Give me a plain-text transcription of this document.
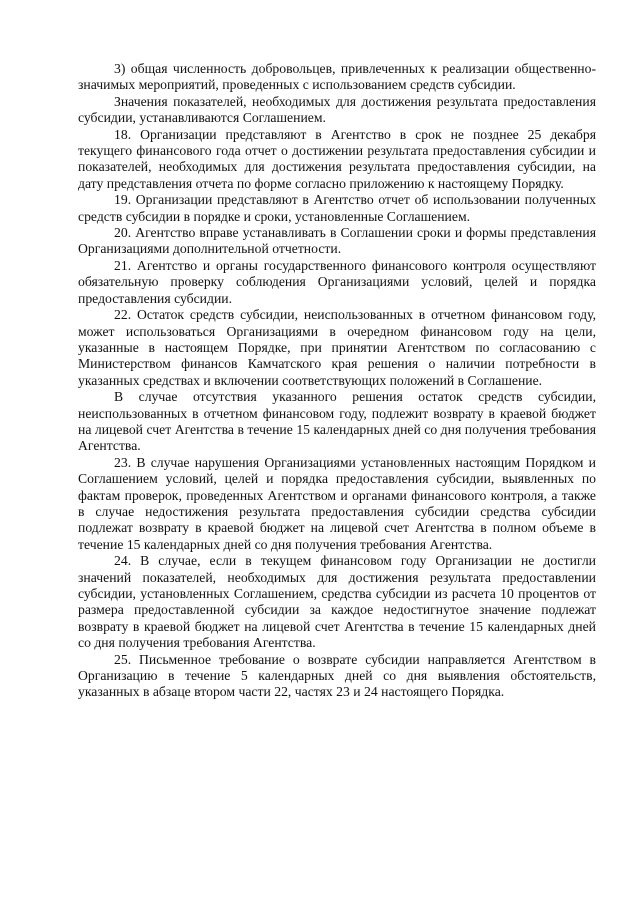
3) общая численность добровольцев, привлеченных к реализации общественно-значимых мероприятий, проведенных с использованием средств субсидии.

Значения показателей, необходимых для достижения результата предоставления субсидии, устанавливаются Соглашением.

18. Организации представляют в Агентство в срок не позднее 25 декабря текущего финансового года отчет о достижении результата предоставления субсидии и показателей, необходимых для достижения результата предоставления субсидии, на дату представления отчета по форме согласно приложению к настоящему Порядку.

19. Организации представляют в Агентство отчет об использовании полученных средств субсидии в порядке и сроки, установленные Соглашением.

20. Агентство вправе устанавливать в Соглашении сроки и формы представления Организациями дополнительной отчетности.

21. Агентство и органы государственного финансового контроля осуществляют обязательную проверку соблюдения Организациями условий, целей и порядка предоставления субсидии.

22. Остаток средств субсидии, неиспользованных в отчетном финансовом году, может использоваться Организациями в очередном финансовом году на цели, указанные в настоящем Порядке, при принятии Агентством по согласованию с Министерством финансов Камчатского края решения о наличии потребности в указанных средствах и включении соответствующих положений в Соглашение.

В случае отсутствия указанного решения остаток средств субсидии, неиспользованных в отчетном финансовом году, подлежит возврату в краевой бюджет на лицевой счет Агентства в течение 15 календарных дней со дня получения требования Агентства.

23. В случае нарушения Организациями установленных настоящим Порядком и Соглашением условий, целей и порядка предоставления субсидии, выявленных по фактам проверок, проведенных Агентством и органами финансового контроля, а также в случае недостижения результата предоставления субсидии средства субсидии подлежат возврату в краевой бюджет на лицевой счет Агентства в полном объеме в течение 15 календарных дней со дня получения требования Агентства.

24. В случае, если в текущем финансовом году Организации не достигли значений показателей, необходимых для достижения результата предоставлении субсидии, установленных Соглашением, средства субсидии из расчета 10 процентов от размера предоставленной субсидии за каждое недостигнутое значение подлежат возврату в краевой бюджет на лицевой счет Агентства в течение 15 календарных дней со дня получения требования Агентства.

25. Письменное требование о возврате субсидии направляется Агентством в Организацию в течение 5 календарных дней со дня выявления обстоятельств, указанных в абзаце втором части 22, частях 23 и 24 настоящего Порядка.
